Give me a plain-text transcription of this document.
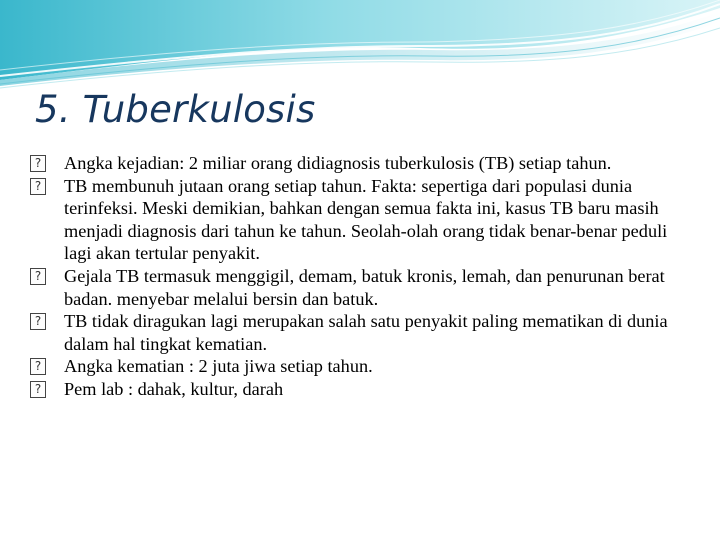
5. Tuberkulosis
? Angka kejadian: 2 miliar orang didiagnosis tuberkulosis (TB) setiap tahun.
? TB membunuh jutaan orang setiap tahun. Fakta: sepertiga dari populasi dunia terinfeksi. Meski demikian, bahkan dengan semua fakta ini, kasus TB baru masih menjadi diagnosis dari tahun ke tahun. Seolah-olah orang tidak benar-benar peduli lagi akan tertular penyakit.
? Gejala TB termasuk menggigil, demam, batuk kronis, lemah, dan penurunan berat badan. menyebar melalui bersin dan batuk.
? TB tidak diragukan lagi merupakan salah satu penyakit paling mematikan di dunia dalam hal tingkat kematian.
? Angka kematian : 2 juta jiwa setiap tahun.
? Pem lab : dahak, kultur, darah
